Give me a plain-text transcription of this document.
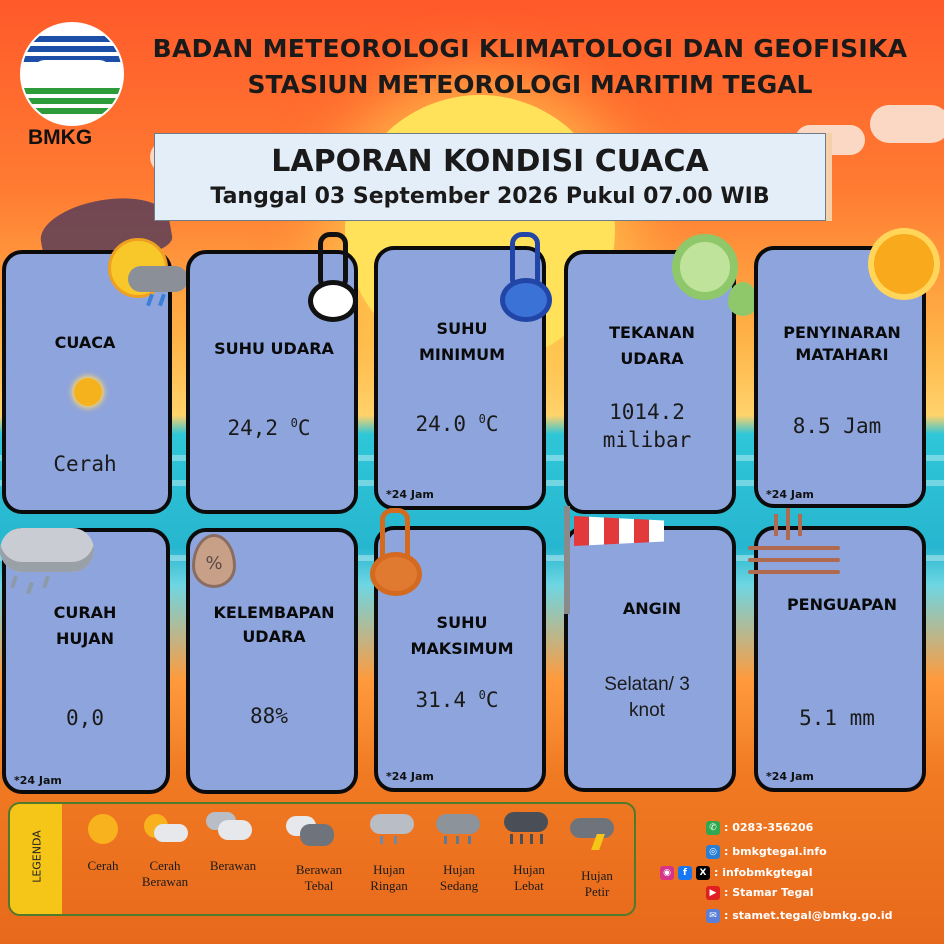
BMKG
BADAN METEOROLOGI KLIMATOLOGI DAN GEOFISIKA
STASIUN METEOROLOGI MARITIM TEGAL
LAPORAN KONDISI CUACA
Tanggal 03 September 2026 Pukul 07.00 WIB
CUACA
Cerah
SUHU UDARA
24,2 $^0$C
SUHU
MINIMUM
24.0 $^0$C
*24 Jam
TEKANAN
UDARA
1014.2
milibar
PENYINARAN
MATAHARI
8.5 Jam
*24 Jam
CURAH
HUJAN
0,0
*24 Jam
KELEMBAPAN
UDARA
88%
%
SUHU
MAKSIMUM
31.4 $^0$C
*24 Jam
ANGIN
Selatan/ 3
knot
PENGUAPAN
5.1 mm
*24 Jam
LEGENDA	Cerah	Cerah
Berawan
Berawan	Berawan
Tebal
Hujan
Ringan
Hujan
Sedang
Hujan
Lebat
Hujan
Petir
✆ : 0283-356206
◎ : bmkgtegal.info
◉ f X : infobmkgtegal
▶ : Stamar Tegal
✉ : stamet.tegal@bmkg.go.id
